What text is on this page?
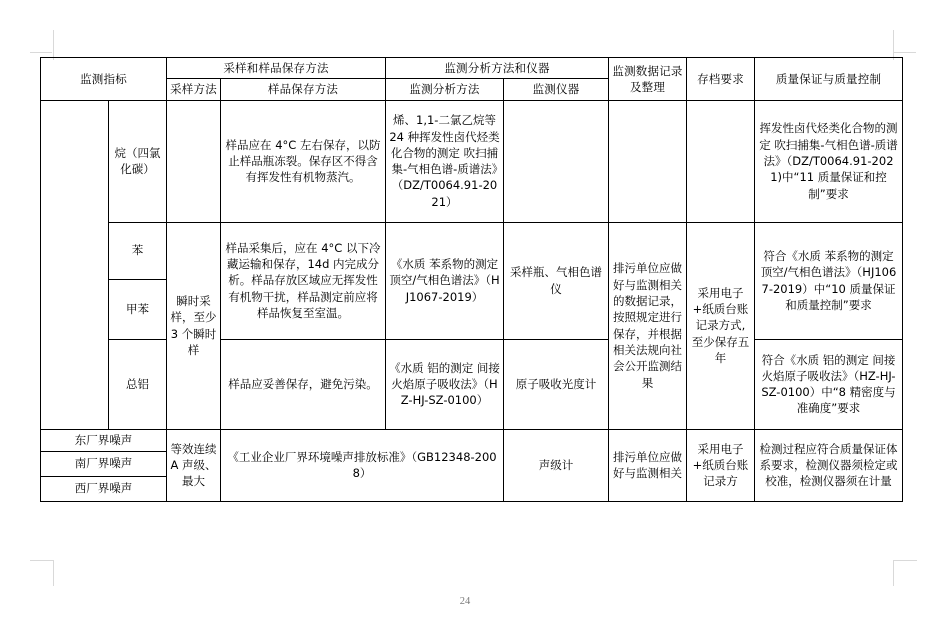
监测指标		采样和样品保存方法		监测分析方法和仪器		监测数据记录及整理	存档要求	质量保证与质量控制
		采样方法	样品保存方法	监测分析方法	监测仪器			
	烷（四氯化碳）		样品应在 4°C 左右保存，以防止样品瓶冻裂。保存区不得含有挥发性有机物蒸汽。	烯、1,1-二氯乙烷等 24 种挥发性卤代烃类化合物的测定 吹扫捕集-气相色谱-质谱法》（DZ/T0064.91-2021）				挥发性卤代烃类化合物的测定 吹扫捕集-气相色谱-质谱法》（DZ/T0064.91-2021)中“11 质量保证和控制”要求
	苯	瞬时采样，至少 3 个瞬时样	样品采集后，应在 4°C 以下冷藏运输和保存，14d 内完成分析。样品存放区域应无挥发性有机物干扰，样品测定前应将样品恢复至室温。	《水质 苯系物的测定 顶空/气相色谱法》（HJ1067-2019）	采样瓶、气相色谱仪	排污单位应做好与监测相关的数据记录，按照规定进行保存，并根据相关法规向社会公开监测结果	采用电子+纸质台账记录方式,至少保存五年	符合《水质 苯系物的测定 顶空/气相色谱法》（HJ1067-2019）中“10 质量保证和质量控制”要求
	甲苯							
	总铝		样品应妥善保存，避免污染。	《水质 铝的测定 间接火焰原子吸收法》（HZ-HJ-SZ-0100）	原子吸收光度计			符合《水质 铝的测定 间接火焰原子吸收法》（HZ-HJ-SZ-0100）中“8 精密度与准确度”要求
东厂界噪声		等效连续 A 声级、最大	《工业企业厂界环境噪声排放标准》（GB12348-2008）		声级计	排污单位应做好与监测相关	采用电子+纸质台账记录方	检测过程应符合质量保证体系要求，检测仪器须检定或校准，检测仪器须在计量
南厂界噪声								
西厂界噪声								
24
